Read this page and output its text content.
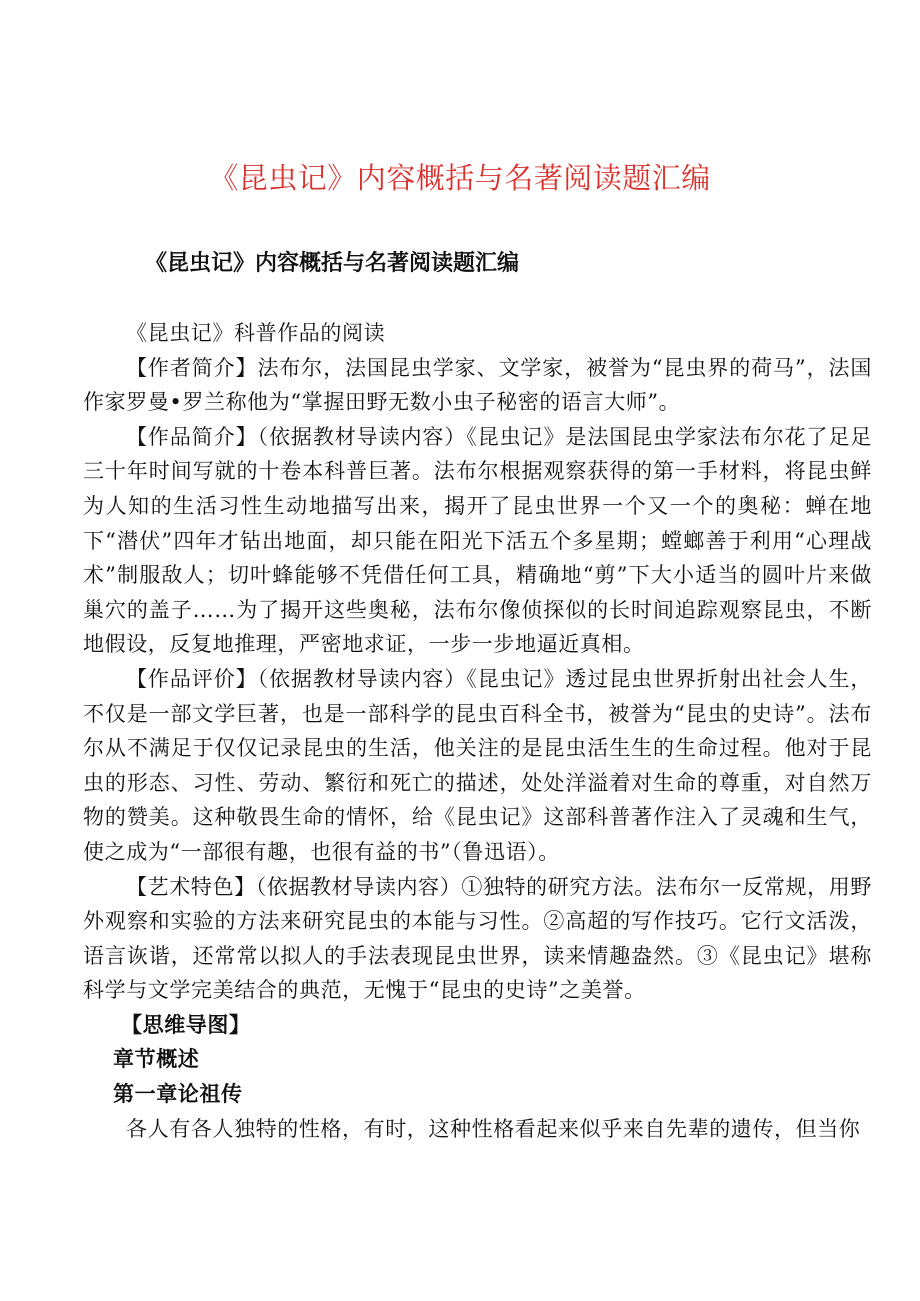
《昆虫记》内容概括与名著阅读题汇编
《昆虫记》内容概括与名著阅读题汇编

《昆虫记》科普作品的阅读

【作者简介】法布尔，法国昆虫学家、文学家，被誉为“昆虫界的荷马”，法国作家罗曼•罗兰称他为“掌握田野无数小虫子秘密的语言大师”。

【作品简介】（依据教材导读内容）《昆虫记》是法国昆虫学家法布尔花了足足三十年时间写就的十卷本科普巨著。法布尔根据观察获得的第一手材料，将昆虫鲜为人知的生活习性生动地描写出来，揭开了昆虫世界一个又一个的奥秘：蝉在地下“潜伏”四年才钻出地面，却只能在阳光下活五个多星期；螳螂善于利用“心理战术”制服敌人；切叶蜂能够不凭借任何工具，精确地“剪”下大小适当的圆叶片来做巢穴的盖子……为了揭开这些奥秘，法布尔像侦探似的长时间追踪观察昆虫，不断地假设，反复地推理，严密地求证，一步一步地逼近真相。

【作品评价】（依据教材导读内容）《昆虫记》透过昆虫世界折射出社会人生，不仅是一部文学巨著，也是一部科学的昆虫百科全书，被誉为“昆虫的史诗”。法布尔从不满足于仅仅记录昆虫的生活，他关注的是昆虫活生生的生命过程。他对于昆虫的形态、习性、劳动、繁衍和死亡的描述，处处洋溢着对生命的尊重，对自然万物的赞美。这种敬畏生命的情怀，给《昆虫记》这部科普著作注入了灵魂和生气，使之成为“一部很有趣，也很有益的书”（鲁迅语）。

【艺术特色】（依据教材导读内容）①独特的研究方法。法布尔一反常规，用野外观察和实验的方法来研究昆虫的本能与习性。②高超的写作技巧。它行文活泼，语言诙谐，还常常以拟人的手法表现昆虫世界，读来情趣盎然。③《昆虫记》堪称科学与文学完美结合的典范，无愧于“昆虫的史诗”之美誉。

【思维导图】

章节概述

第一章论祖传

各人有各人独特的性格，有时，这种性格看起来似乎来自先辈的遗传，但当你
